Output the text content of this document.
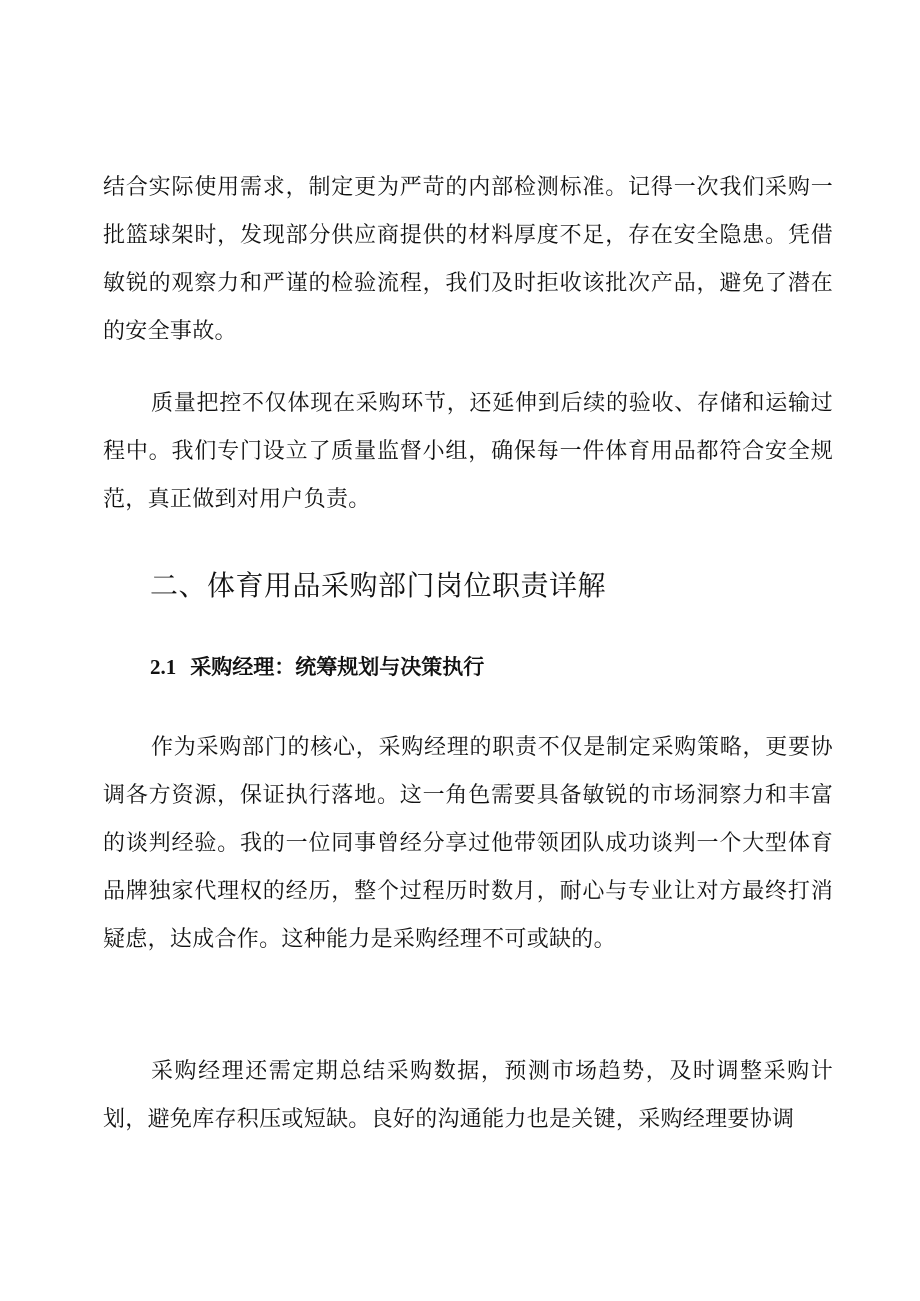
结合实际使用需求，制定更为严苛的内部检测标准。记得一次我们采购一批篮球架时，发现部分供应商提供的材料厚度不足，存在安全隐患。凭借敏锐的观察力和严谨的检验流程，我们及时拒收该批次产品，避免了潜在的安全事故。

质量把控不仅体现在采购环节，还延伸到后续的验收、存储和运输过程中。我们专门设立了质量监督小组，确保每一件体育用品都符合安全规范，真正做到对用户负责。

二、体育用品采购部门岗位职责详解
2.1 采购经理：统筹规划与决策执行

作为采购部门的核心，采购经理的职责不仅是制定采购策略，更要协调各方资源，保证执行落地。这一角色需要具备敏锐的市场洞察力和丰富的谈判经验。我的一位同事曾经分享过他带领团队成功谈判一个大型体育品牌独家代理权的经历，整个过程历时数月，耐心与专业让对方最终打消疑虑，达成合作。这种能力是采购经理不可或缺的。

采购经理还需定期总结采购数据，预测市场趋势，及时调整采购计划，避免库存积压或短缺。良好的沟通能力也是关键，采购经理要协调
